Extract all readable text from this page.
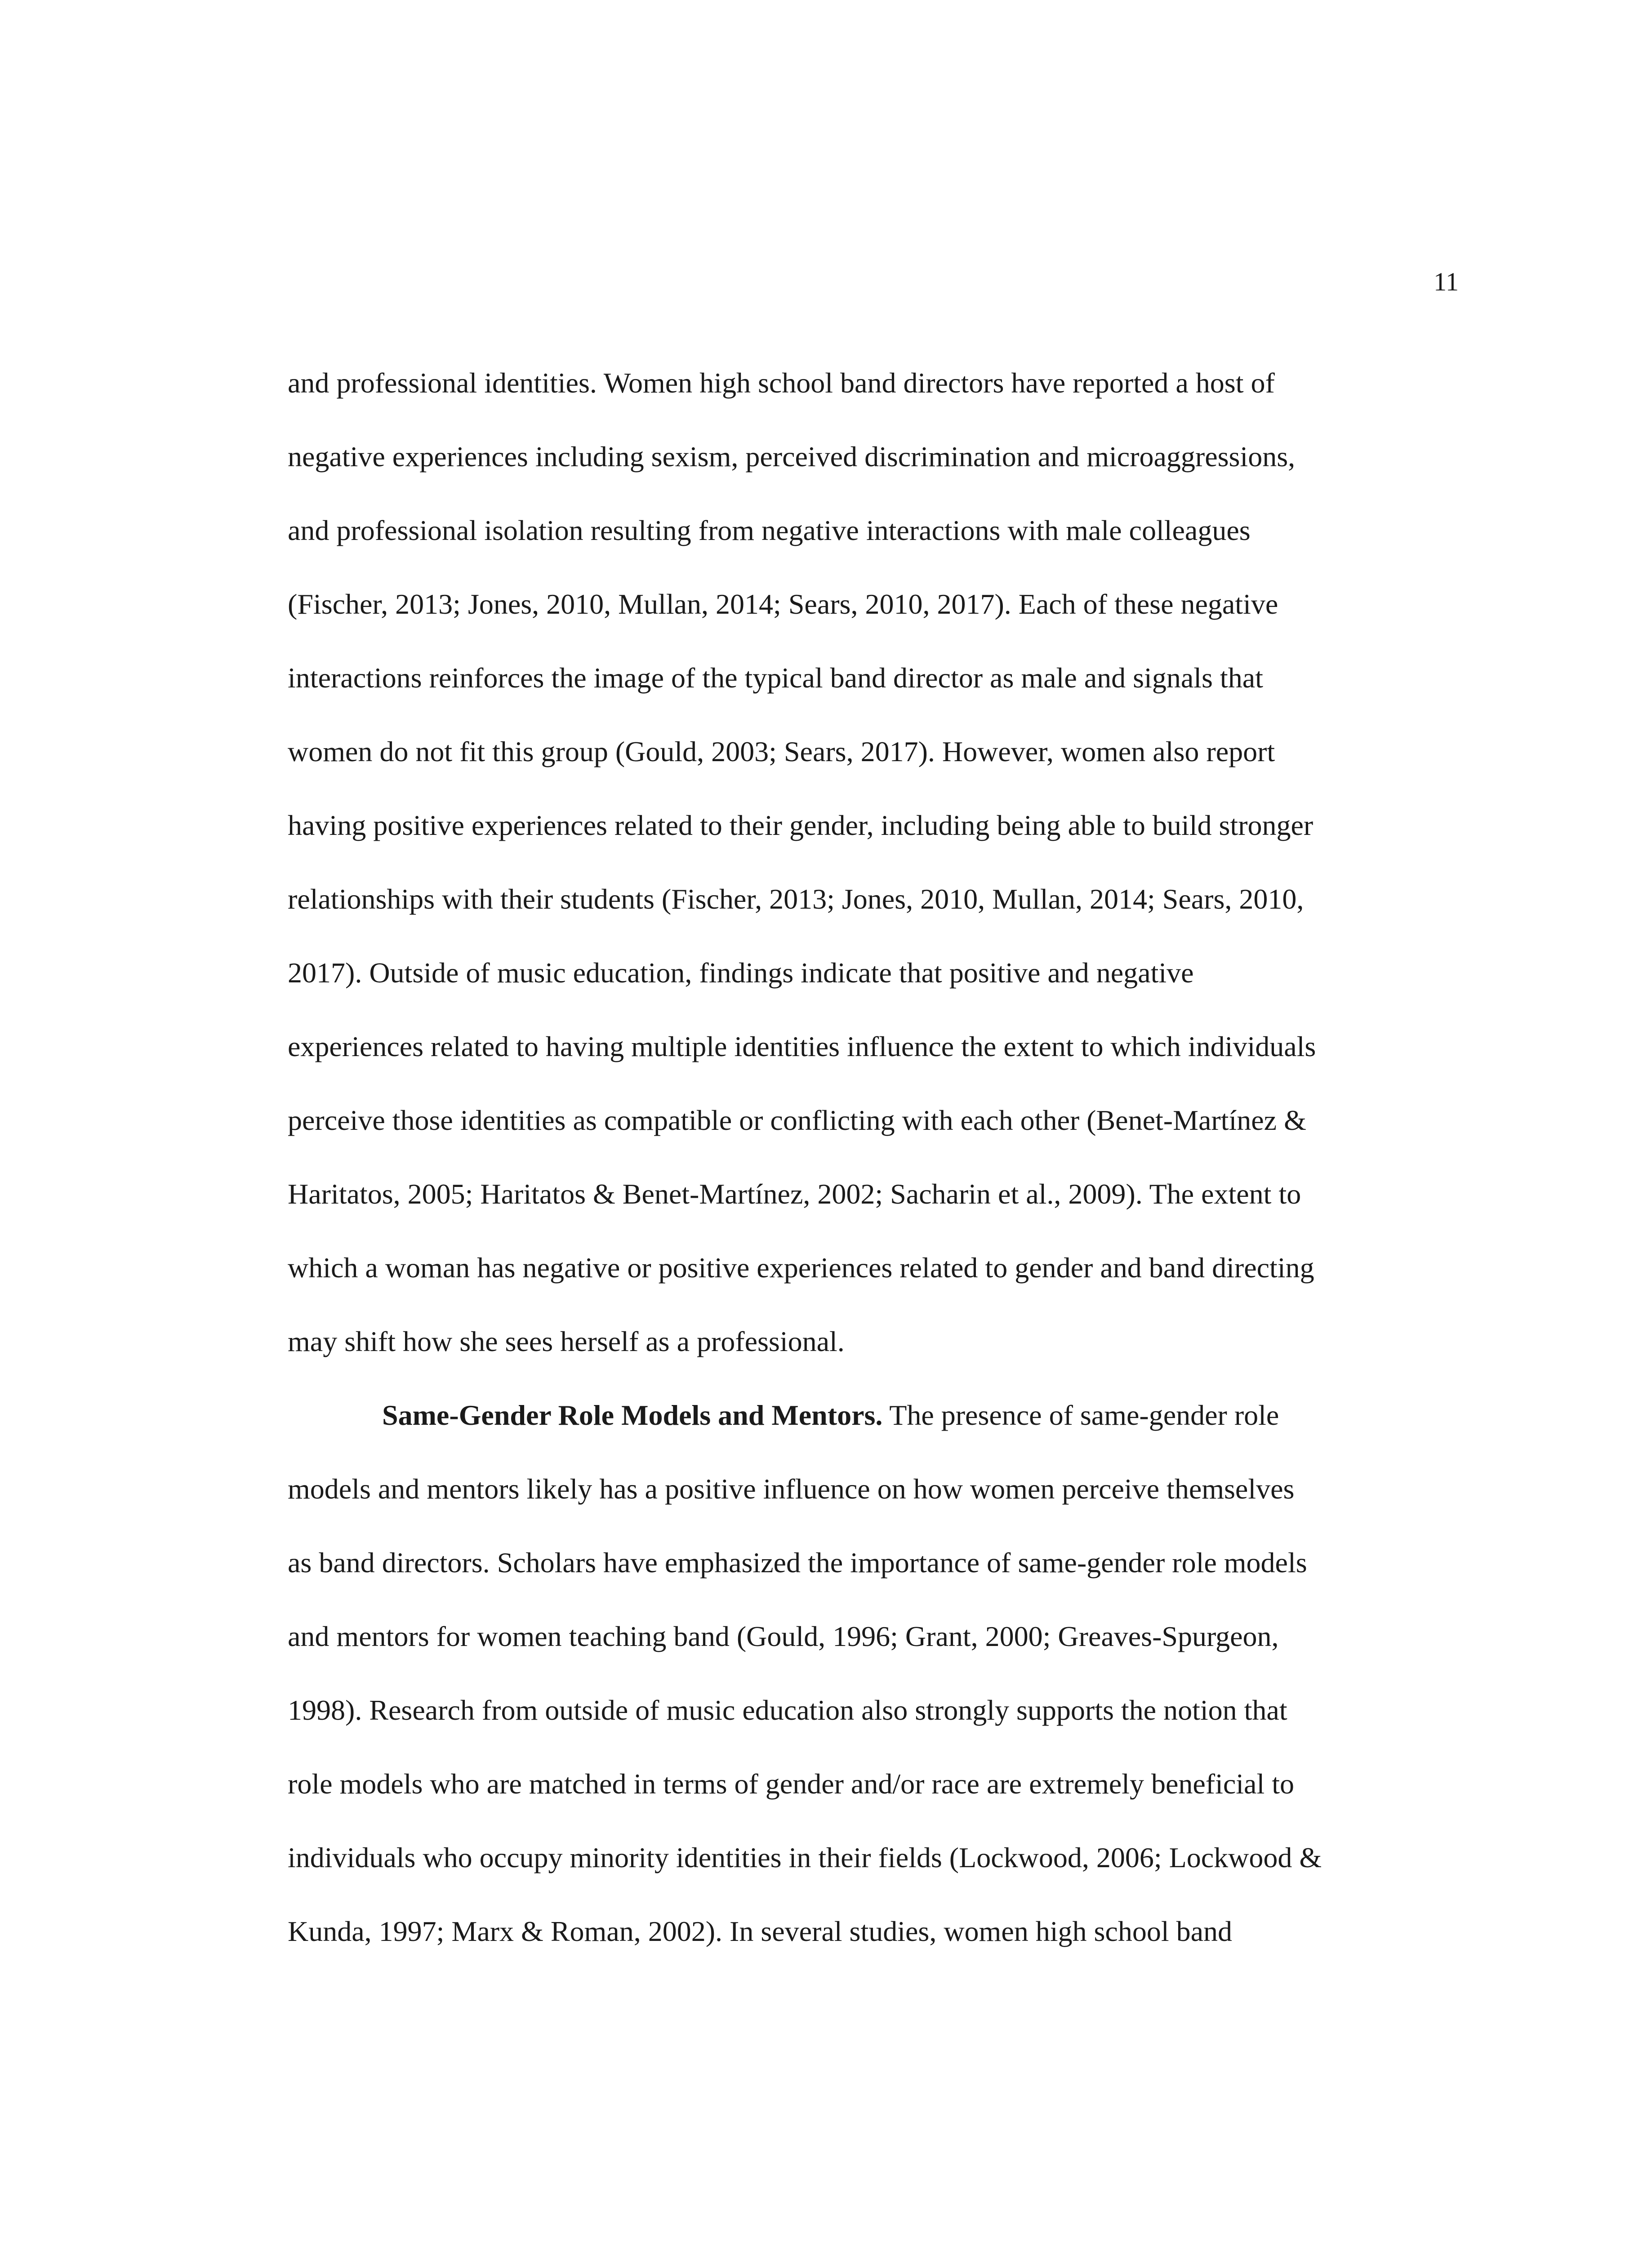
11
and professional identities. Women high school band directors have reported a host of
negative experiences including sexism, perceived discrimination and microaggressions,
and professional isolation resulting from negative interactions with male colleagues
(Fischer, 2013; Jones, 2010, Mullan, 2014; Sears, 2010, 2017). Each of these negative
interactions reinforces the image of the typical band director as male and signals that
women do not fit this group (Gould, 2003; Sears, 2017). However, women also report
having positive experiences related to their gender, including being able to build stronger
relationships with their students (Fischer, 2013; Jones, 2010, Mullan, 2014; Sears, 2010,
2017). Outside of music education, findings indicate that positive and negative
experiences related to having multiple identities influence the extent to which individuals
perceive those identities as compatible or conflicting with each other (Benet-Martínez &
Haritatos, 2005; Haritatos & Benet-Martínez, 2002; Sacharin et al., 2009). The extent to
which a woman has negative or positive experiences related to gender and band directing
may shift how she sees herself as a professional.
Same-Gender Role Models and Mentors. The presence of same-gender role
models and mentors likely has a positive influence on how women perceive themselves
as band directors. Scholars have emphasized the importance of same-gender role models
and mentors for women teaching band (Gould, 1996; Grant, 2000; Greaves-Spurgeon,
1998). Research from outside of music education also strongly supports the notion that
role models who are matched in terms of gender and/or race are extremely beneficial to
individuals who occupy minority identities in their fields (Lockwood, 2006; Lockwood &
Kunda, 1997; Marx & Roman, 2002). In several studies, women high school band
